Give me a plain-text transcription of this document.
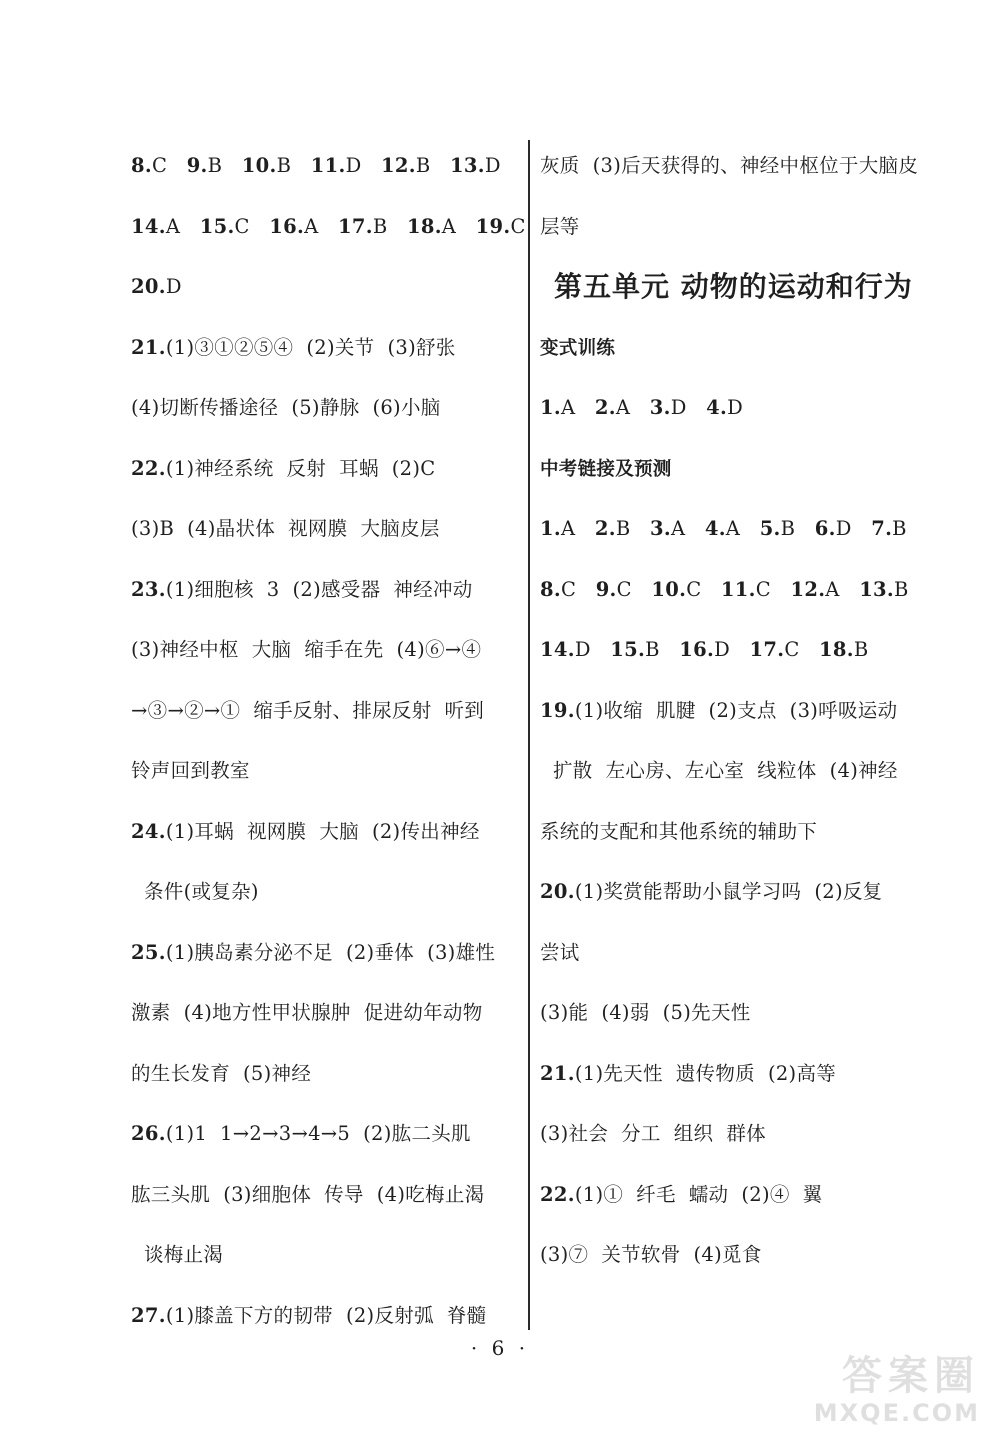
8.C   9.B   10.B   11.D   12.B   13.D
14.A   15.C   16.A   17.B   18.A   19.C
20.D
21.(1)③①②⑤④  (2)关节  (3)舒张
(4)切断传播途径  (5)静脉  (6)小脑
22.(1)神经系统  反射  耳蜗  (2)C
(3)B  (4)晶状体  视网膜  大脑皮层
23.(1)细胞核  3  (2)感受器  神经冲动
(3)神经中枢  大脑  缩手在先  (4)⑥→④
→③→②→①  缩手反射、排尿反射  听到
铃声回到教室
24.(1)耳蜗  视网膜  大脑  (2)传出神经
条件(或复杂)
25.(1)胰岛素分泌不足  (2)垂体  (3)雄性
激素  (4)地方性甲状腺肿  促进幼年动物
的生长发育  (5)神经
26.(1)1  1→2→3→4→5  (2)肱二头肌
肱三头肌  (3)细胞体  传导  (4)吃梅止渴
谈梅止渴
27.(1)膝盖下方的韧带  (2)反射弧  脊髓
灰质  (3)后天获得的、神经中枢位于大脑皮
层等
第五单元 动物的运动和行为
变式训练
1.A   2.A   3.D   4.D
中考链接及预测
1.A   2.B   3.A   4.A   5.B   6.D   7.B
8.C   9.C   10.C   11.C   12.A   13.B
14.D   15.B   16.D   17.C   18.B
19.(1)收缩  肌腱  (2)支点  (3)呼吸运动
扩散  左心房、左心室  线粒体  (4)神经
系统的支配和其他系统的辅助下
20.(1)奖赏能帮助小鼠学习吗  (2)反复
尝试
(3)能  (4)弱  (5)先天性
21.(1)先天性  遗传物质  (2)高等
(3)社会  分工  组织  群体
22.(1)①  纤毛  蠕动  (2)④  翼
(3)⑦  关节软骨  (4)觅食
· 6 ·
答案圈
MXQE.COM
